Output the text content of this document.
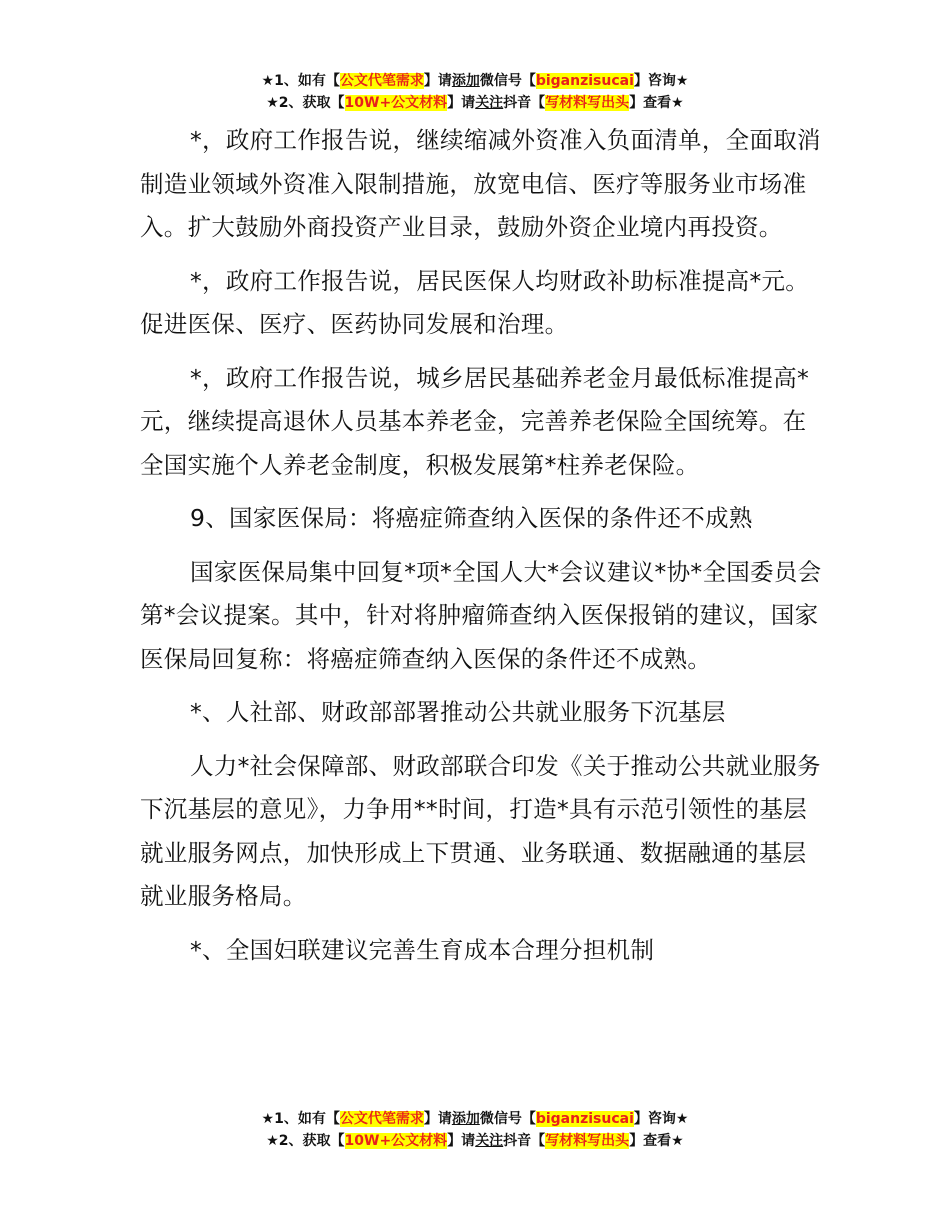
★1、如有【公文代笔需求】请添加微信号【biganzisucai】咨询★
★2、获取【10W+公文材料】请关注抖音【写材料写出头】查看★

*，政府工作报告说，继续缩减外资准入负面清单，全面取消制造业领域外资准入限制措施，放宽电信、医疗等服务业市场准入。扩大鼓励外商投资产业目录，鼓励外资企业境内再投资。

*，政府工作报告说，居民医保人均财政补助标准提高*元。促进医保、医疗、医药协同发展和治理。

*，政府工作报告说，城乡居民基础养老金月最低标准提高*元，继续提高退休人员基本养老金，完善养老保险全国统筹。在全国实施个人养老金制度，积极发展第*柱养老保险。

9、国家医保局：将癌症筛查纳入医保的条件还不成熟

国家医保局集中回复*项*全国人大*会议建议*协*全国委员会第*会议提案。其中，针对将肿瘤筛查纳入医保报销的建议，国家医保局回复称：将癌症筛查纳入医保的条件还不成熟。

*、人社部、财政部部署推动公共就业服务下沉基层

人力*社会保障部、财政部联合印发《关于推动公共就业服务下沉基层的意见》，力争用**时间，打造*具有示范引领性的基层就业服务网点，加快形成上下贯通、业务联通、数据融通的基层就业服务格局。

*、全国妇联建议完善生育成本合理分担机制

★1、如有【公文代笔需求】请添加微信号【biganzisucai】咨询★
★2、获取【10W+公文材料】请关注抖音【写材料写出头】查看★
